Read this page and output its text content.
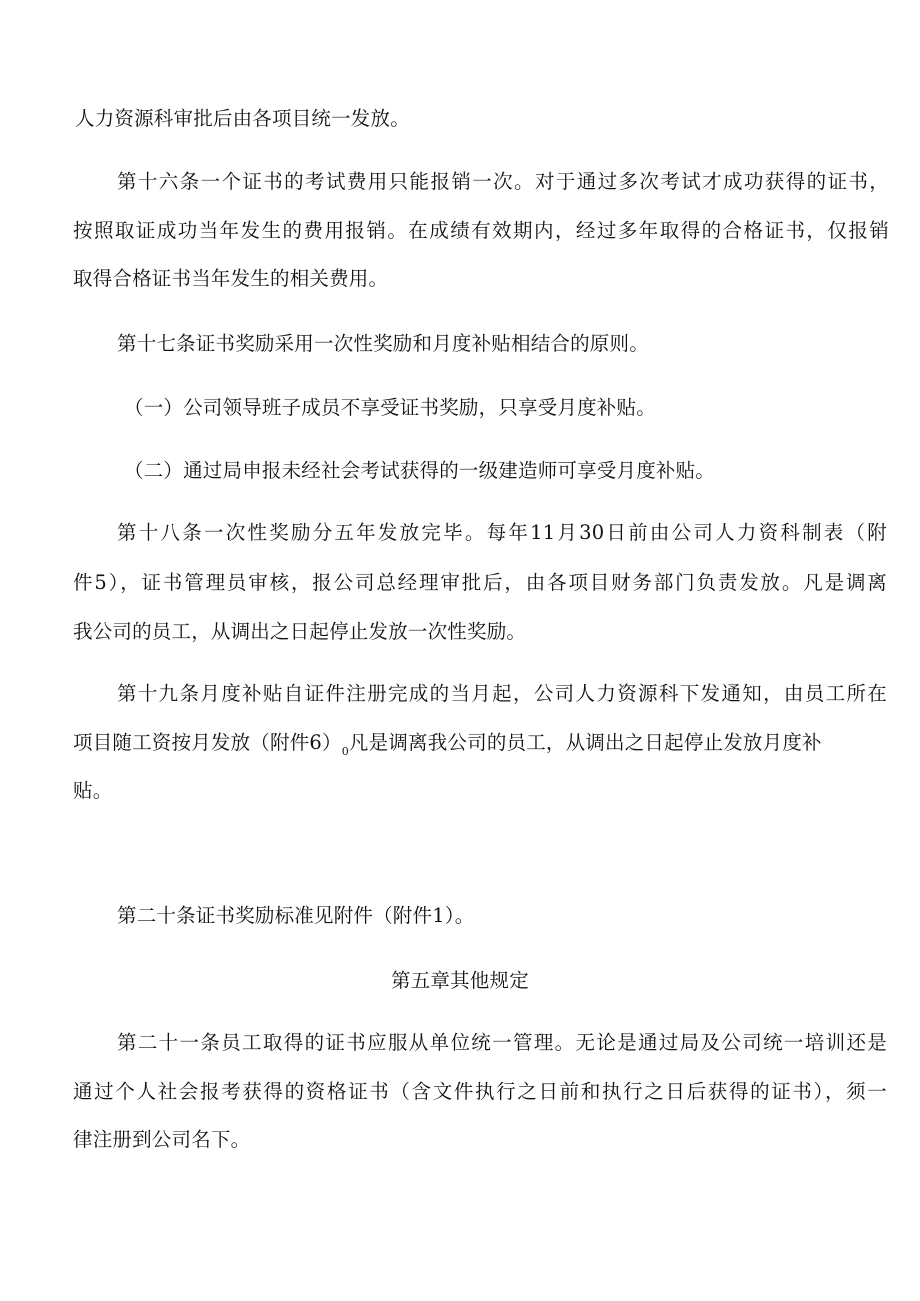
人力资源科审批后由各项目统一发放。
第十六条一个证书的考试费用只能报销一次。对于通过多次考试才成功获得的证书，
按照取证成功当年发生的费用报销。在成绩有效期内，经过多年取得的合格证书，仅报销
取得合格证书当年发生的相关费用。
第十七条证书奖励采用一次性奖励和月度补贴相结合的原则。
（一）公司领导班子成员不享受证书奖励，只享受月度补贴。
（二）通过局申报未经社会考试获得的一级建造师可享受月度补贴。
第十八条一次性奖励分五年发放完毕。每年11月30日前由公司人力资科制表（附
件5），证书管理员审核，报公司总经理审批后，由各项目财务部门负责发放。凡是调离
我公司的员工，从调出之日起停止发放一次性奖励。
第十九条月度补贴自证件注册完成的当月起，公司人力资源科下发通知，由员工所在
项目随工资按月发放（附件$6)_0$凡是调离我公司的员工，从调出之日起停止发放月度补
贴。
第二十条证书奖励标准见附件（附件1）。
第五章其他规定
第二十一条员工取得的证书应服从单位统一管理。无论是通过局及公司统一培训还是
通过个人社会报考获得的资格证书（含文件执行之日前和执行之日后获得的证书），须一
律注册到公司名下。
